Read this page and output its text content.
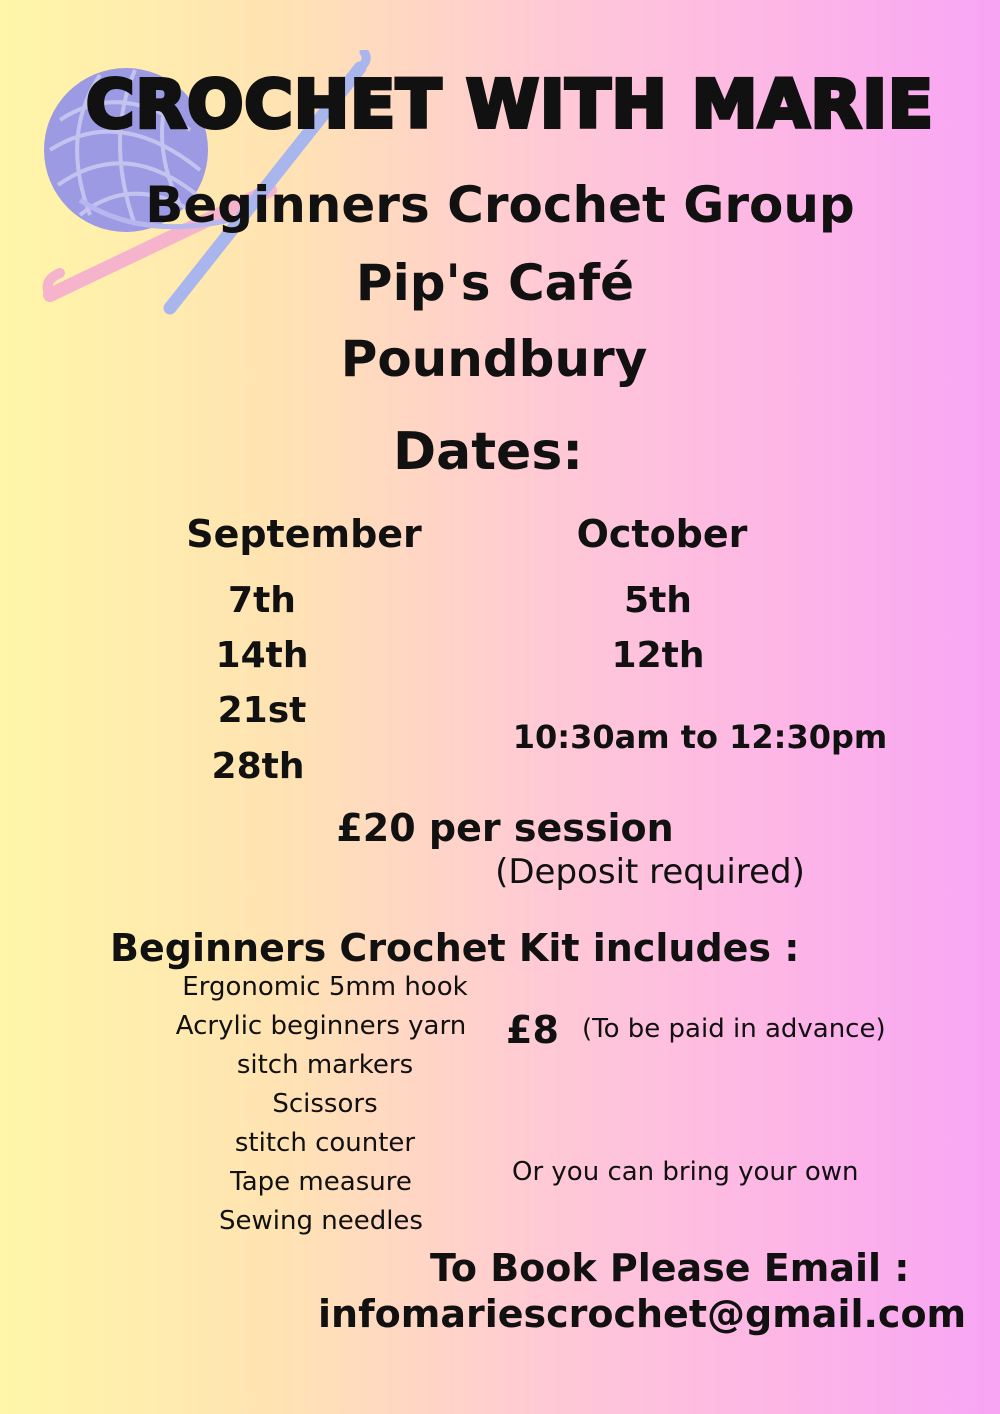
CROCHET WITH MARIE
Beginners Crochet Group
Pip's Café
Poundbury
Dates:
September	October
7th
14th
21st
28th
5th
12th
10:30am to 12:30pm
£20 per session
(Deposit required)
Beginners Crochet Kit includes :
Ergonomic 5mm hook
Acrylic beginners yarn
sitch markers
Scissors
stitch counter
Tape measure
Sewing needles
£8 (To be paid in advance)
Or you can bring your own
To Book Please Email :
infomariescrochet@gmail.com
